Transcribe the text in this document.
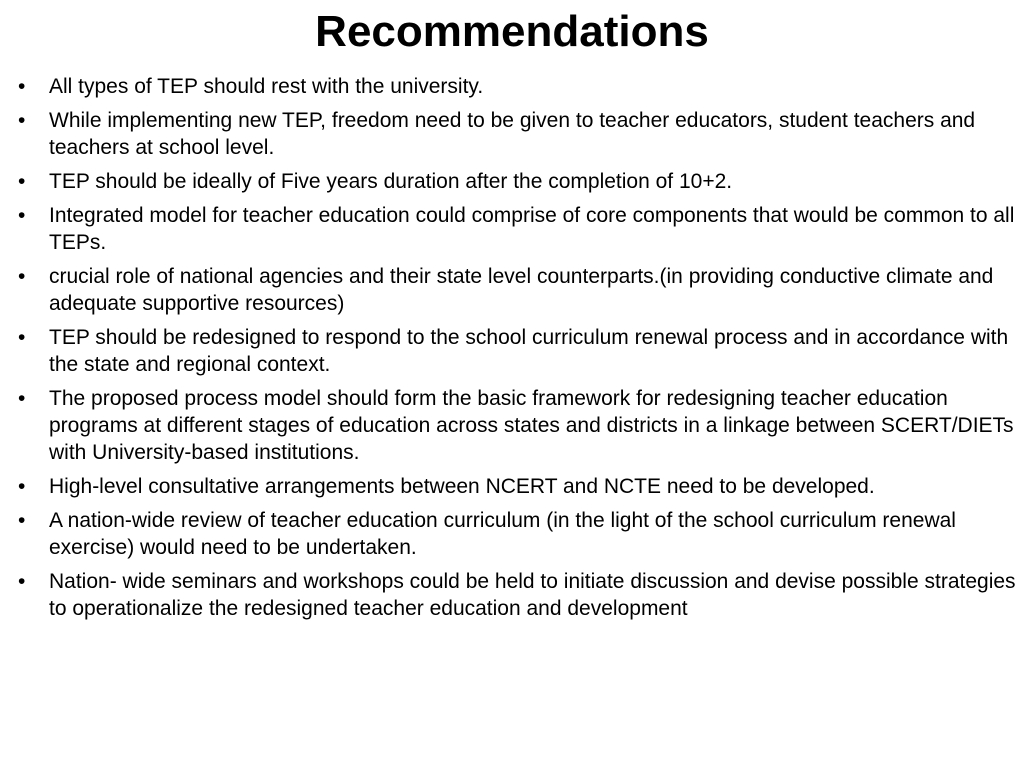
Recommendations
•	All types of TEP should rest with the university.
•	While implementing new TEP, freedom need to be given to teacher educators, student teachers and teachers at school level.
•	TEP should be ideally of Five years duration after the completion of 10+2.
•	Integrated model for teacher education could comprise of core components that would be common to all TEPs.
•	crucial role of national agencies and their state level counterparts.(in providing conductive climate and adequate supportive resources)
•	TEP should be redesigned to respond to the school curriculum renewal process and in accordance with the state and regional context.
•	The proposed process model should form the basic framework for redesigning teacher education programs at different stages of education across states and districts in a linkage between SCERT/DIETs with University-based institutions.
•	High-level consultative arrangements between NCERT and NCTE need to be developed.
•	A nation-wide review of teacher education curriculum (in the light of the school curriculum renewal exercise) would need to be undertaken.
•	Nation- wide seminars and workshops could be held to initiate discussion and devise possible strategies to operationalize the redesigned teacher education and development
